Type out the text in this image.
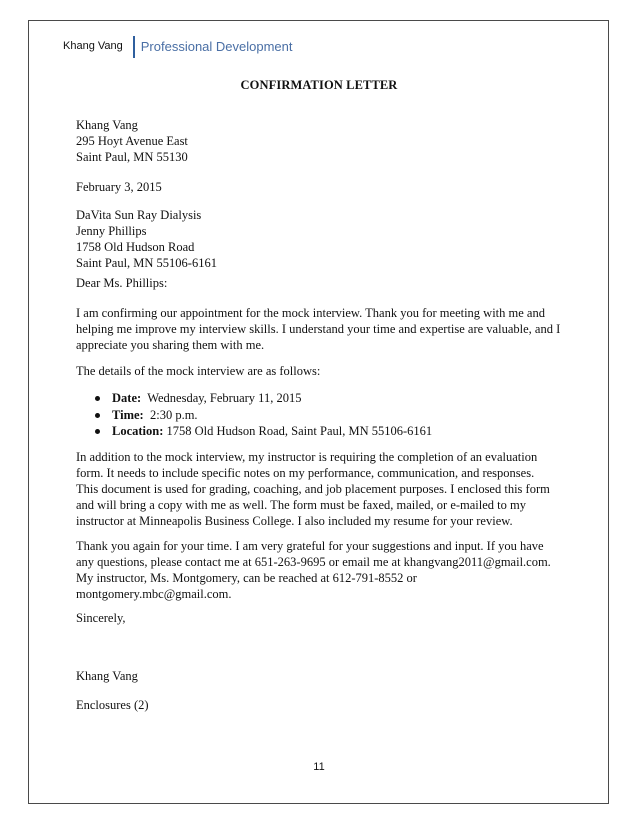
Khang Vang Professional Development
CONFIRMATION LETTER
Khang Vang
295 Hoyt Avenue East
Saint Paul, MN 55130
February 3, 2015
DaVita Sun Ray Dialysis
Jenny Phillips
1758 Old Hudson Road
Saint Paul, MN 55106-6161
Dear Ms. Phillips:
I am confirming our appointment for the mock interview. Thank you for meeting with me and
helping me improve my interview skills. I understand your time and expertise are valuable, and I
appreciate you sharing them with me.
The details of the mock interview are as follows:
Date: Wednesday, February 11, 2015
Time: 2:30 p.m.
Location: 1758 Old Hudson Road, Saint Paul, MN 55106-6161
In addition to the mock interview, my instructor is requiring the completion of an evaluation
form. It needs to include specific notes on my performance, communication, and responses.
This document is used for grading, coaching, and job placement purposes. I enclosed this form
and will bring a copy with me as well. The form must be faxed, mailed, or e-mailed to my
instructor at Minneapolis Business College. I also included my resume for your review.
Thank you again for your time. I am very grateful for your suggestions and input. If you have
any questions, please contact me at 651-263-9695 or email me at khangvang2011@gmail.com.
My instructor, Ms. Montgomery, can be reached at 612-791-8552 or
montgomery.mbc@gmail.com.
Sincerely,
Khang Vang
Enclosures (2)
11
